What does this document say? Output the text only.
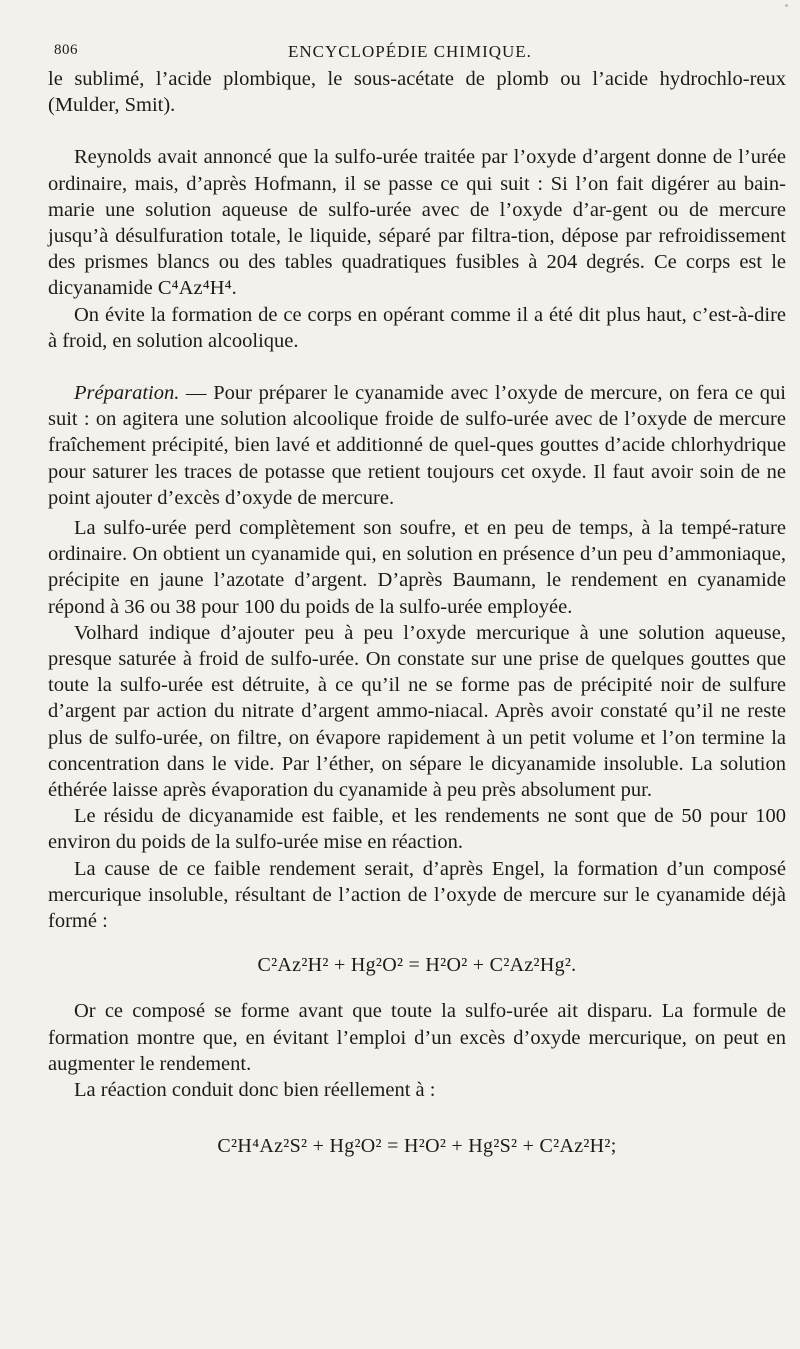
806	ENCYCLOPÉDIE CHIMIQUE.

le sublimé, l’acide plombique, le sous-acétate de plomb ou l’acide hydrochlo-reux (Mulder, Smit).

Reynolds avait annoncé que la sulfo-urée traitée par l’oxyde d’argent donne de l’urée ordinaire, mais, d’après Hofmann, il se passe ce qui suit : Si l’on fait digérer au bain-marie une solution aqueuse de sulfo-urée avec de l’oxyde d’ar-gent ou de mercure jusqu’à désulfuration totale, le liquide, séparé par filtra-tion, dépose par refroidissement des prismes blancs ou des tables quadratiques fusibles à 204 degrés. Ce corps est le dicyanamide C⁴Az⁴H⁴.

On évite la formation de ce corps en opérant comme il a été dit plus haut, c’est-à-dire à froid, en solution alcoolique.

Préparation. — Pour préparer le cyanamide avec l’oxyde de mercure, on fera ce qui suit : on agitera une solution alcoolique froide de sulfo-urée avec de l’oxyde de mercure fraîchement précipité, bien lavé et additionné de quel-ques gouttes d’acide chlorhydrique pour saturer les traces de potasse que retient toujours cet oxyde. Il faut avoir soin de ne point ajouter d’excès d’oxyde de mercure.

La sulfo-urée perd complètement son soufre, et en peu de temps, à la tempé-rature ordinaire. On obtient un cyanamide qui, en solution en présence d’un peu d’ammoniaque, précipite en jaune l’azotate d’argent. D’après Baumann, le rendement en cyanamide répond à 36 ou 38 pour 100 du poids de la sulfo-urée employée.

Volhard indique d’ajouter peu à peu l’oxyde mercurique à une solution aqueuse, presque saturée à froid de sulfo-urée. On constate sur une prise de quelques gouttes que toute la sulfo-urée est détruite, à ce qu’il ne se forme pas de précipité noir de sulfure d’argent par action du nitrate d’argent ammo-niacal. Après avoir constaté qu’il ne reste plus de sulfo-urée, on filtre, on évapore rapidement à un petit volume et l’on termine la concentration dans le vide. Par l’éther, on sépare le dicyanamide insoluble. La solution éthérée laisse après évaporation du cyanamide à peu près absolument pur.

Le résidu de dicyanamide est faible, et les rendements ne sont que de 50 pour 100 environ du poids de la sulfo-urée mise en réaction.

La cause de ce faible rendement serait, d’après Engel, la formation d’un composé mercurique insoluble, résultant de l’action de l’oxyde de mercure sur le cyanamide déjà formé :

C²Az²H² + Hg²O² = H²O² + C²Az²Hg².

Or ce composé se forme avant que toute la sulfo-urée ait disparu. La formule de formation montre que, en évitant l’emploi d’un excès d’oxyde mercurique, on peut en augmenter le rendement.

La réaction conduit donc bien réellement à :

C²H⁴Az²S² + Hg²O² = H²O² + Hg²S² + C²Az²H²;
